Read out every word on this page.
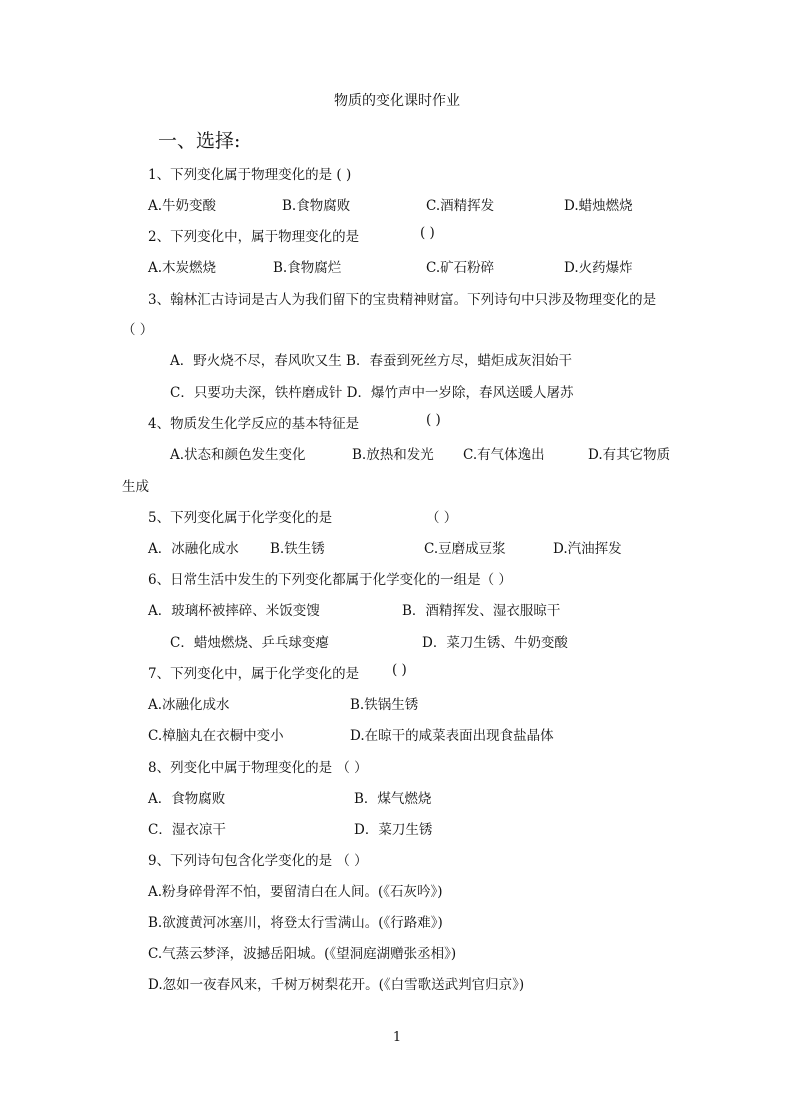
物质的变化课时作业
一、选择:
1、下列变化属于物理变化的是 ( )
A.牛奶变酸	B.食物腐败	C.酒精挥发	D.蜡烛燃烧
2、下列变化中，属于物理变化的是	( )
A.木炭燃烧	B.食物腐烂	C.矿石粉碎	D.火药爆炸
3、翰林汇古诗词是古人为我们留下的宝贵精神财富。下列诗句中只涉及物理变化的是
（ ）
A．野火烧不尽，春风吹又生 B．春蚕到死丝方尽，蜡炬成灰泪始干
C．只要功夫深，铁杵磨成针 D．爆竹声中一岁除，春风送暖人屠苏
4、物质发生化学反应的基本特征是	( )
A.状态和颜色发生变化	B.放热和发光 C.有气体逸出	D.有其它物质
生成
5、下列变化属于化学变化的是	（ ）
A．冰融化成水 B.铁生锈	C.豆磨成豆浆	D.汽油挥发
6、日常生活中发生的下列变化都属于化学变化的一组是（ ）
A．玻璃杯被摔碎、米饭变馊	B．酒精挥发、湿衣服晾干
C．蜡烛燃烧、乒乓球变瘪	D．菜刀生锈、牛奶变酸
7、下列变化中，属于化学变化的是 ( )
A.冰融化成水	B.铁锅生锈
C.樟脑丸在衣橱中变小	D.在晾干的咸菜表面出现食盐晶体
8、列变化中属于物理变化的是 （ ）
A．食物腐败	B．煤气燃烧
C．湿衣凉干	D．菜刀生锈
9、下列诗句包含化学变化的是 （ ）
A.粉身碎骨浑不怕，要留清白在人间。(《石灰吟》)
B.欲渡黄河冰塞川，将登太行雪满山。(《行路难》)
C.气蒸云梦泽，波撼岳阳城。(《望洞庭湖赠张丞相》)
D.忽如一夜春风来，千树万树梨花开。(《白雪歌送武判官归京》)
1
